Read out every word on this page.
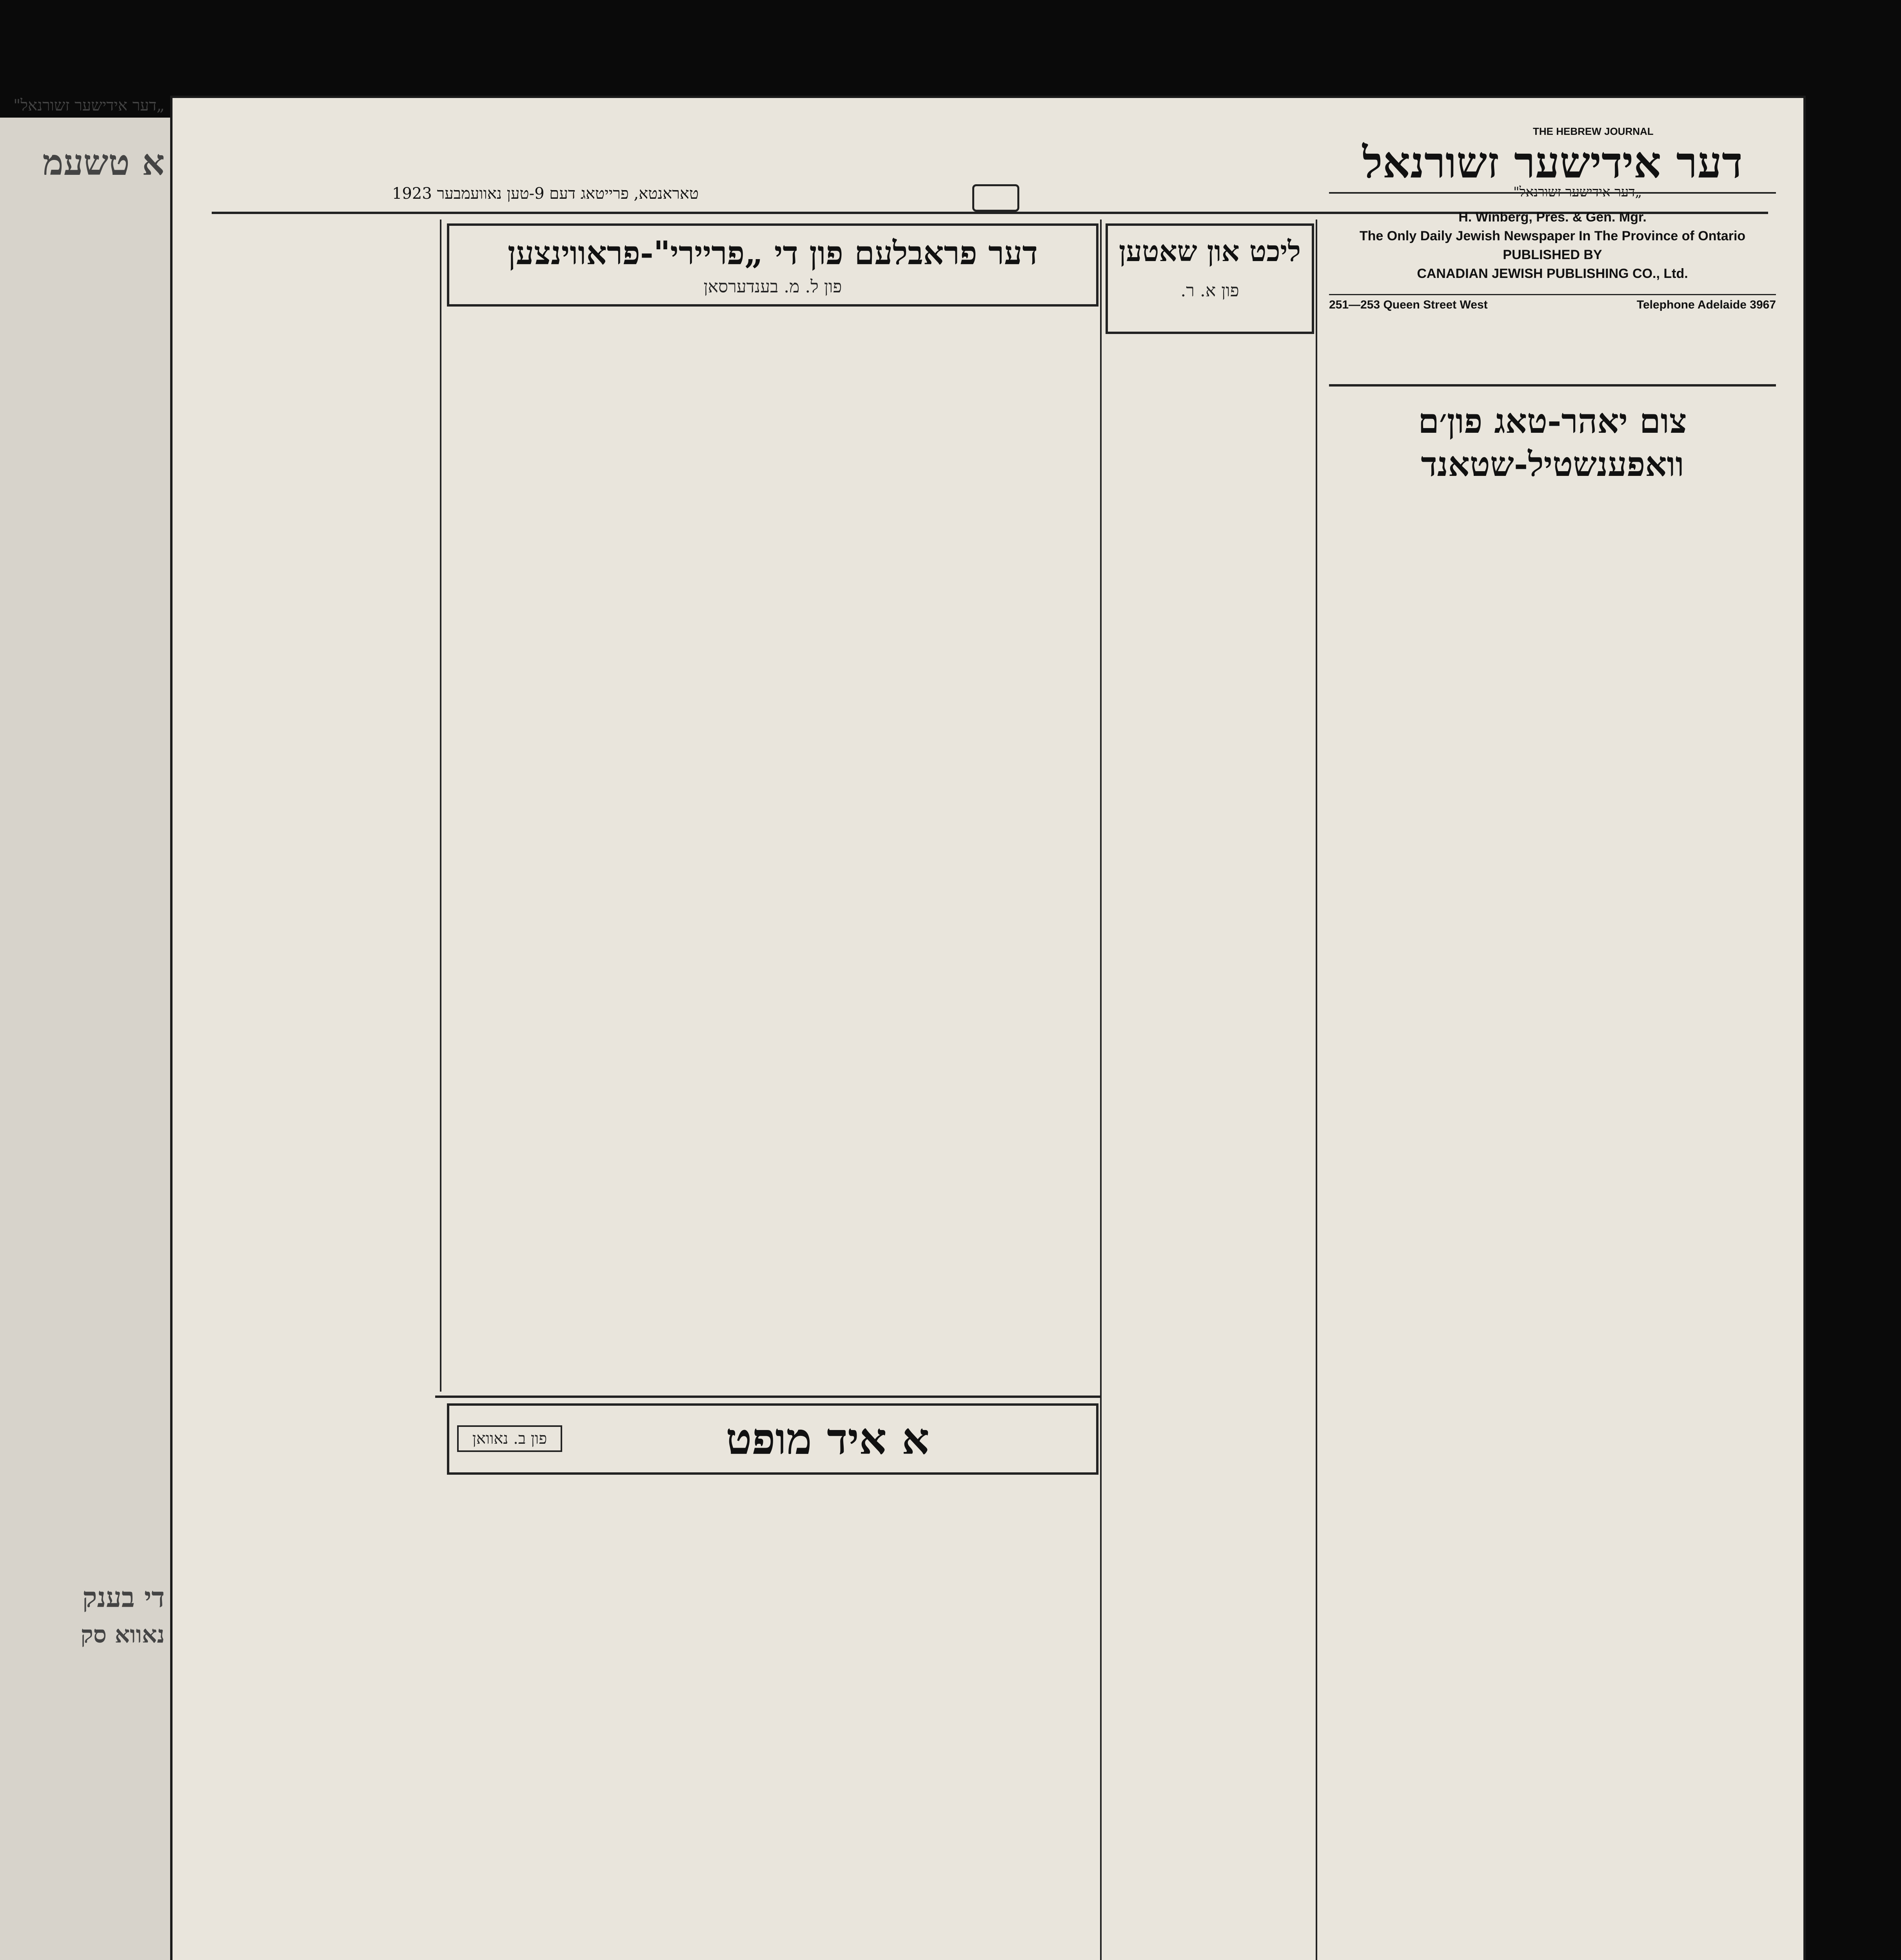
„דער אידישער זשורנאל"
א טשעמ
די בענק
נאווא סק
טאראנטא, פרייטאג דעם 9-טען נאוועמבער 1923	„דער אידישער זשורנאל"
THE HEBREW JOURNAL
דער אידישער זשורנאל
H. Winberg, Pres. & Gen. Mgr.
The Only Daily Jewish Newspaper In The Province of Ontario
PUBLISHED BY
CANADIAN JEWISH PUBLISHING CO., Ltd.
251—253 Queen Street West	Telephone Adelaide 3967
צום יאהר-טאג פון׳ם וואפענשטיל-שטאנד
ליכט און שאטען
פון א. ר.
דער פראבלעם פון די „פריירי"-פראווינצען
פון ל. מ. בענדערסאן
א איד מופט
פון ב. נאוואן
